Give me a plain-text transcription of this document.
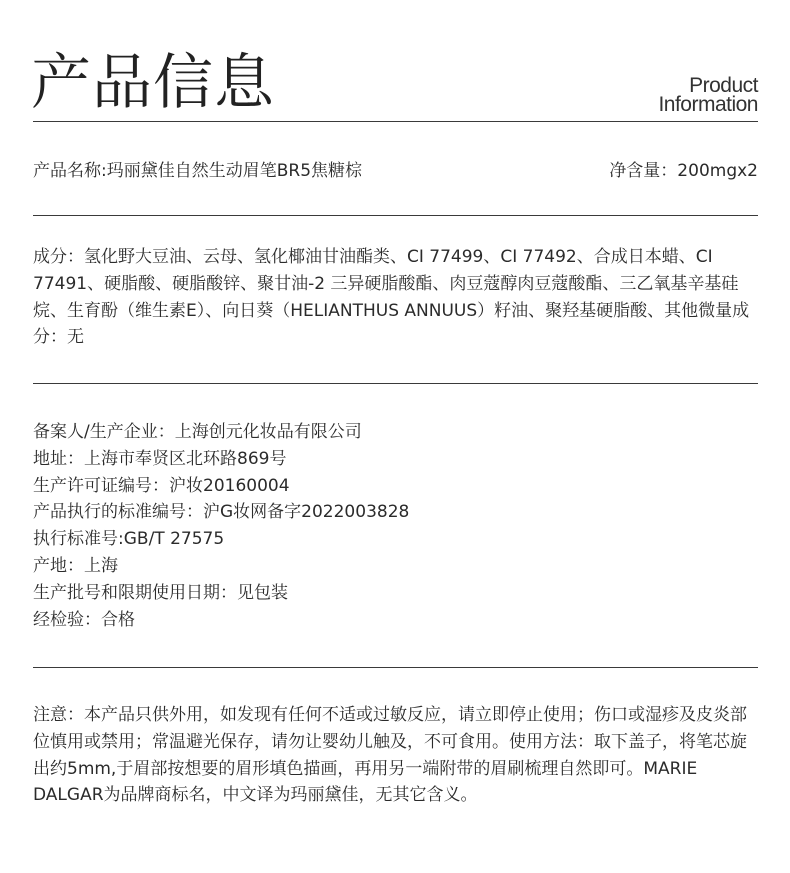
产品信息	Product
Information
产品名称:玛丽黛佳自然生动眉笔BR5焦糖棕	净含量：200mgx2
成分：氢化野大豆油、云母、氢化椰油甘油酯类、CI 77499、CI 77492、合成日本蜡、CI 77491、硬脂酸、硬脂酸锌、聚甘油-2 三异硬脂酸酯、肉豆蔻醇肉豆蔻酸酯、三乙氧基辛基硅烷、生育酚（维生素E）、向日葵（HELIANTHUS ANNUUS）籽油、聚羟基硬脂酸、其他微量成分：无
备案人/生产企业：上海创元化妆品有限公司
地址：上海市奉贤区北环路869号
生产许可证编号：沪妆20160004
产品执行的标准编号：沪G妆网备字2022003828
执行标准号:GB/T 27575
产地：上海
生产批号和限期使用日期：见包装
经检验：合格
注意：本产品只供外用，如发现有任何不适或过敏反应，请立即停止使用；伤口或湿疹及皮炎部位慎用或禁用；常温避光保存，请勿让婴幼儿触及，不可食用。使用方法：取下盖子，将笔芯旋出约5mm,于眉部按想要的眉形填色描画，再用另一端附带的眉刷梳理自然即可。MARIE DALGAR为品牌商标名，中文译为玛丽黛佳，无其它含义。
